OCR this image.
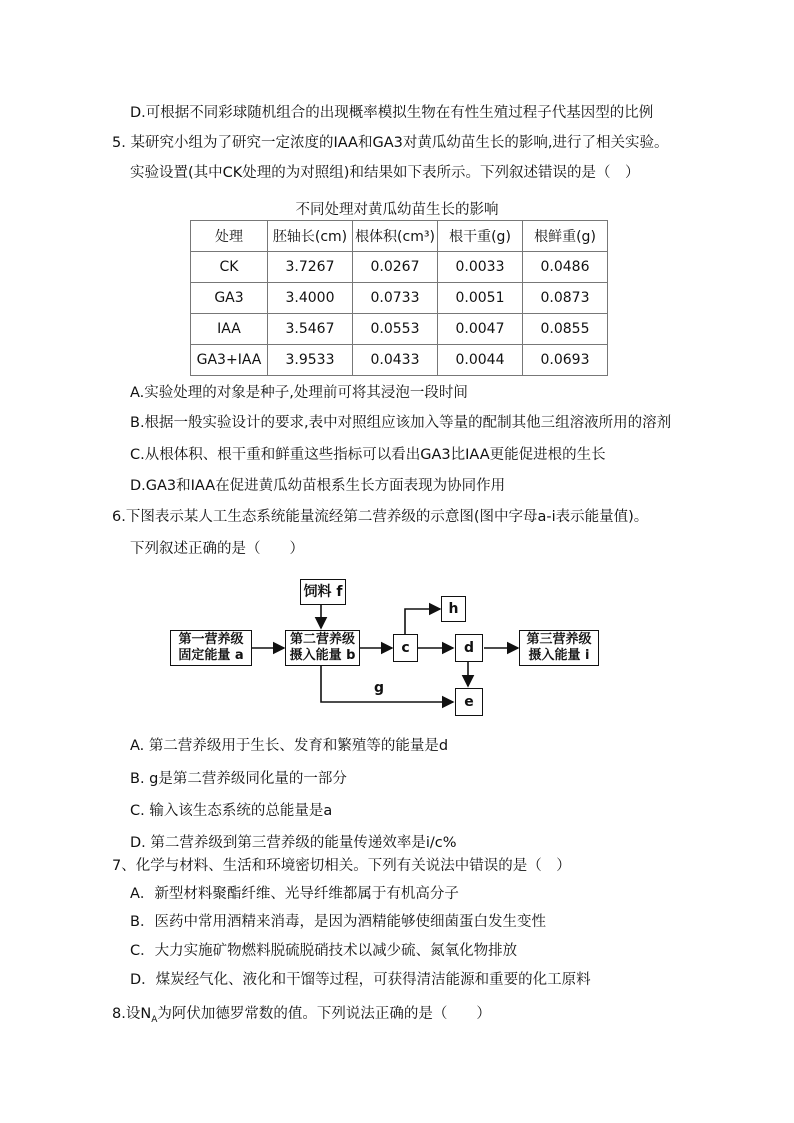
D.可根据不同彩球随机组合的出现概率模拟生物在有性生殖过程子代基因型的比例
5. 某研究小组为了研究一定浓度的IAA和GA3对黄瓜幼苗生长的影响,进行了相关实验。
实验设置(其中CK处理的为对照组)和结果如下表所示。下列叙述错误的是（　）
不同处理对黄瓜幼苗生长的影响
处理	胚轴长(cm)	根体积(cm³)	根干重(g)	根鲜重(g)
CK	3.7267	0.0267	0.0033	0.0486
GA3	3.4000	0.0733	0.0051	0.0873
IAA	3.5467	0.0553	0.0047	0.0855
GA3+IAA	3.9533	0.0433	0.0044	0.0693
A.实验处理的对象是种子,处理前可将其浸泡一段时间
B.根据一般实验设计的要求,表中对照组应该加入等量的配制其他三组溶液所用的溶剂
C.从根体积、根干重和鲜重这些指标可以看出GA3比IAA更能促进根的生长
D.GA3和IAA在促进黄瓜幼苗根系生长方面表现为协同作用
6.下图表示某人工生态系统能量流经第二营养级的示意图(图中字母a-i表示能量值)。
下列叙述正确的是（　　）
饲料 f
第一营养级
固定能量 a
第二营养级
摄入能量 b	c
h
d
e
第三营养级
摄入能量 i
g
A. 第二营养级用于生长、发育和繁殖等的能量是d
B. g是第二营养级同化量的一部分
C. 输入该生态系统的总能量是a
D. 第二营养级到第三营养级的能量传递效率是i/c%
7、化学与材料、生活和环境密切相关。下列有关说法中错误的是（　）
A．新型材料聚酯纤维、光导纤维都属于有机高分子
B．医药中常用酒精来消毒，是因为酒精能够使细菌蛋白发生变性
C．大力实施矿物燃料脱硫脱硝技术以减少硫、氮氧化物排放
D．煤炭经气化、液化和干馏等过程，可获得清洁能源和重要的化工原料
8.设$N_A$为阿伏加德罗常数的值。下列说法正确的是（　　）
